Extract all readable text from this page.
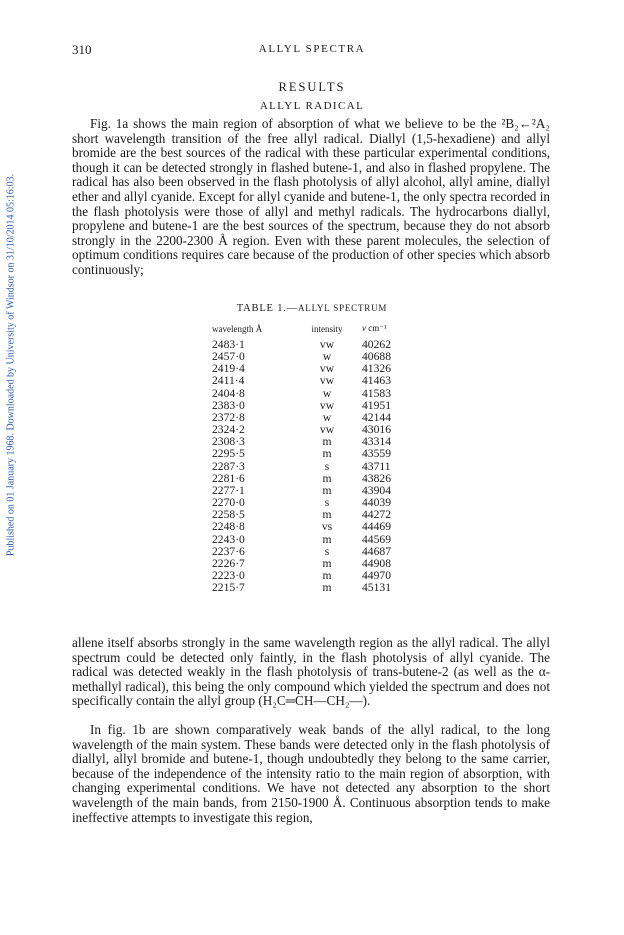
310	ALLYL SPECTRA
Published on 01 January 1968. Downloaded by University of Windsor on 31/10/2014 05:16:03.
RESULTS
ALLYL RADICAL

Fig. 1a shows the main region of absorption of what we believe to be the ²B₂←²A₂ short wavelength transition of the free allyl radical. Diallyl (1,5-hexadiene) and allyl bromide are the best sources of the radical with these particular experimental conditions, though it can be detected strongly in flashed butene-1, and also in flashed propylene. The radical has also been observed in the flash photolysis of allyl alcohol, allyl amine, diallyl ether and allyl cyanide. Except for allyl cyanide and butene-1, the only spectra recorded in the flash photolysis were those of allyl and methyl radicals. The hydrocarbons diallyl, propylene and butene-1 are the best sources of the spectrum, because they do not absorb strongly in the 2200-2300 Å region. Even with these parent molecules, the selection of optimum conditions requires care because of the production of other species which absorb continuously;

TABLE 1.—ALLYL SPECTRUM
wavelength Å	intensity	ν cm⁻¹
2483·1	vw	40262
2457·0	w	40688
2419·4	vw	41326
2411·4	vw	41463
2404·8	w	41583
2383·0	vw	41951
2372·8	w	42144
2324·2	vw	43016
2308·3	m	43314
2295·5	m	43559
2287·3	s	43711
2281·6	m	43826
2277·1	m	43904
2270·0	s	44039
2258·5	m	44272
2248·8	vs	44469
2243·0	m	44569
2237·6	s	44687
2226·7	m	44908
2223·0	m	44970
2215·7	m	45131

allene itself absorbs strongly in the same wavelength region as the allyl radical. The allyl spectrum could be detected only faintly, in the flash photolysis of allyl cyanide. The radical was detected weakly in the flash photolysis of trans-butene-2 (as well as the α-methallyl radical), this being the only compound which yielded the spectrum and does not specifically contain the allyl group (H₂C═CH—CH₂—).

In fig. 1b are shown comparatively weak bands of the allyl radical, to the long wavelength of the main system. These bands were detected only in the flash photolysis of diallyl, allyl bromide and butene-1, though undoubtedly they belong to the same carrier, because of the independence of the intensity ratio to the main region of absorption, with changing experimental conditions. We have not detected any absorption to the short wavelength of the main bands, from 2150-1900 Å. Continuous absorption tends to make ineffective attempts to investigate this region,
